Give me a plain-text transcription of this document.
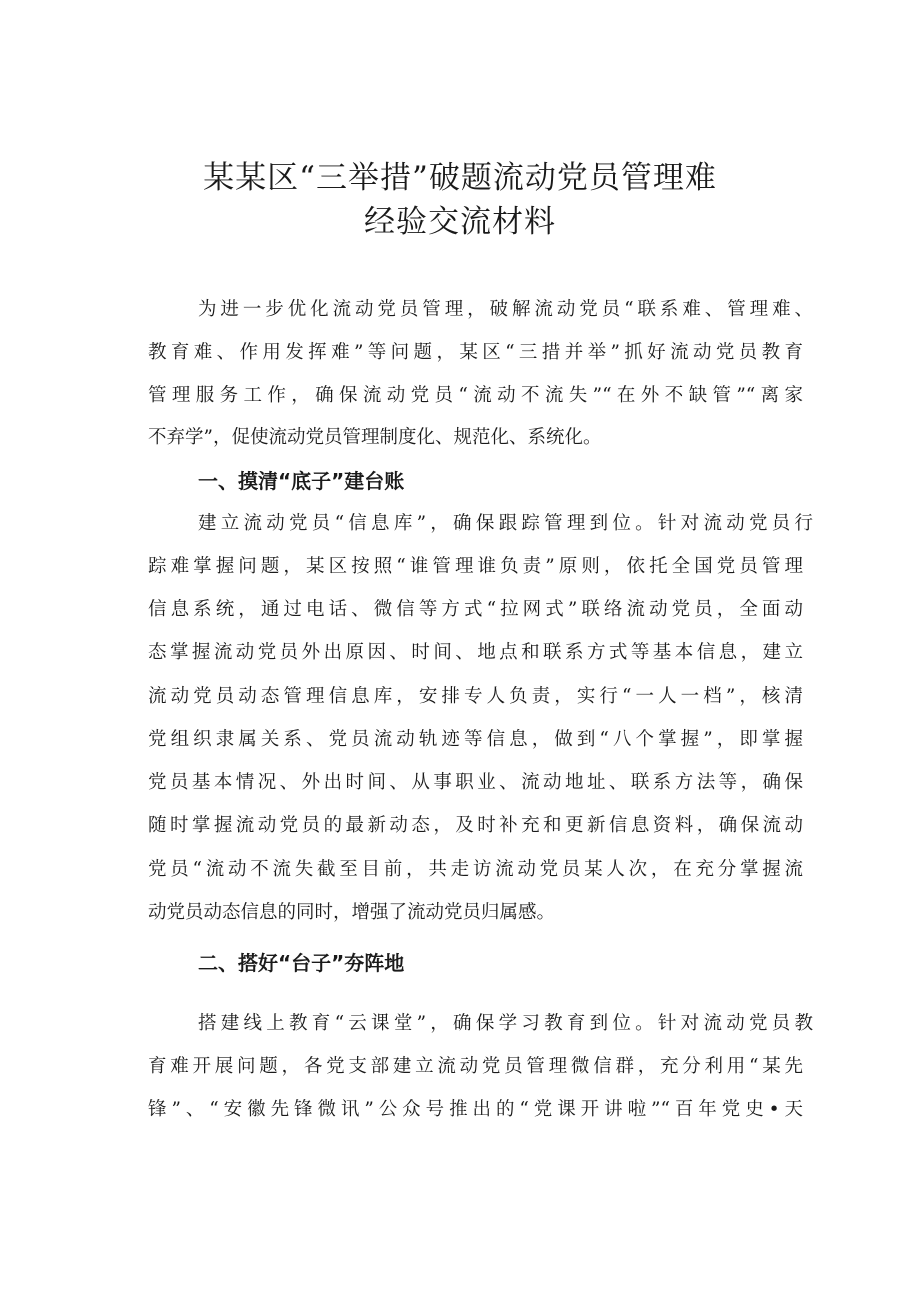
某某区“三举措”破题流动党员管理难
经验交流材料
为进一步优化流动党员管理，破解流动党员“联系难、管理难、
教育难、作用发挥难”等问题，某区“三措并举”抓好流动党员教育
管理服务工作，确保流动党员“流动不流失”“在外不缺管”“离家
不弃学”，促使流动党员管理制度化、规范化、系统化。
一、摸清“底子”建台账
建立流动党员“信息库”，确保跟踪管理到位。针对流动党员行
踪难掌握问题，某区按照“谁管理谁负责”原则，依托全国党员管理
信息系统，通过电话、微信等方式“拉网式”联络流动党员，全面动
态掌握流动党员外出原因、时间、地点和联系方式等基本信息，建立
流动党员动态管理信息库，安排专人负责，实行“一人一档”，核清
党组织隶属关系、党员流动轨迹等信息，做到“八个掌握”，即掌握
党员基本情况、外出时间、从事职业、流动地址、联系方法等，确保
随时掌握流动党员的最新动态，及时补充和更新信息资料，确保流动
党员“流动不流失截至目前，共走访流动党员某人次，在充分掌握流
动党员动态信息的同时，增强了流动党员归属感。
二、搭好“台子”夯阵地
搭建线上教育“云课堂”，确保学习教育到位。针对流动党员教
育难开展问题，各党支部建立流动党员管理微信群，充分利用“某先
锋”、“安徽先锋微讯”公众号推出的“党课开讲啦”“百年党史•天
